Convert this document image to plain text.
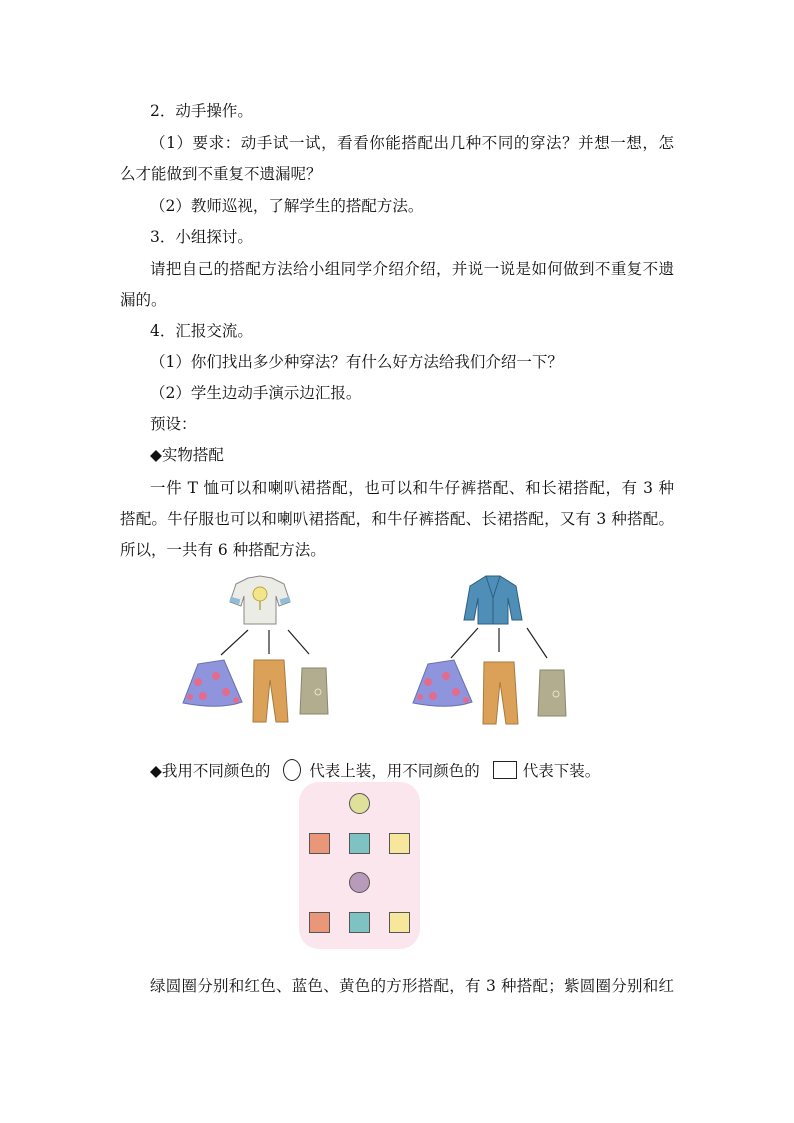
2．动手操作。
（1）要求：动手试一试，看看你能搭配出几种不同的穿法？并想一想，怎
么才能做到不重复不遗漏呢？
（2）教师巡视，了解学生的搭配方法。
3．小组探讨。
请把自己的搭配方法给小组同学介绍介绍，并说一说是如何做到不重复不遗
漏的。
4．汇报交流。
（1）你们找出多少种穿法？有什么好方法给我们介绍一下？
（2）学生边动手演示边汇报。
预设：
◆实物搭配
一件 T 恤可以和喇叭裙搭配，也可以和牛仔裤搭配、和长裙搭配，有 3 种
搭配。牛仔服也可以和喇叭裙搭配，和牛仔裤搭配、长裙搭配，又有 3 种搭配。
所以，一共有 6 种搭配方法。
◆我用不同颜色的	代表上装，用不同颜色的	代表下装。
绿圆圈分别和红色、蓝色、黄色的方形搭配，有 3 种搭配；紫圆圈分别和红
